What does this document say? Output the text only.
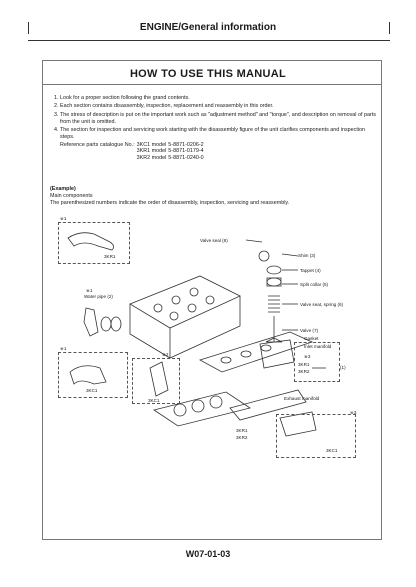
ENGINE/General information
HOW TO USE THIS MANUAL
1. Look for a proper section following the grand contents.
2. Each section contains disassembly, inspection, replacement and reassembly in this order.
3. The stress of description is put on the important work such as "adjustment method" and "torque", and description on removal of parts from the unit is omitted.
4. The section for inspection and servicing work starting with the disassembly figure of the unit clarifies components and inspection steps.
Reference parts catalogue No.:	3KC1 model	5-8871-0206-2
	3KR1 model	5-8871-0179-4
	3KR2 model	5-8871-0240-0
(Example)
Main components
The parenthesized numbers indicate the order of disassembly, inspection, servicing and reassembly.
※1
3KR1
※1
Water pipe (2)
Valve seal (8)
Shim (3)
Tappet (4)
Split collar (5)
Valve seat, spring (6)
Valve (7)
Gasket
Inlet manifold
※3
3KR1
3KR2
(1)
※2
※1
3KC1
3KC1	Exhaust manifold
※3
3KR1
3KR2
3KC1
W07-01-03
